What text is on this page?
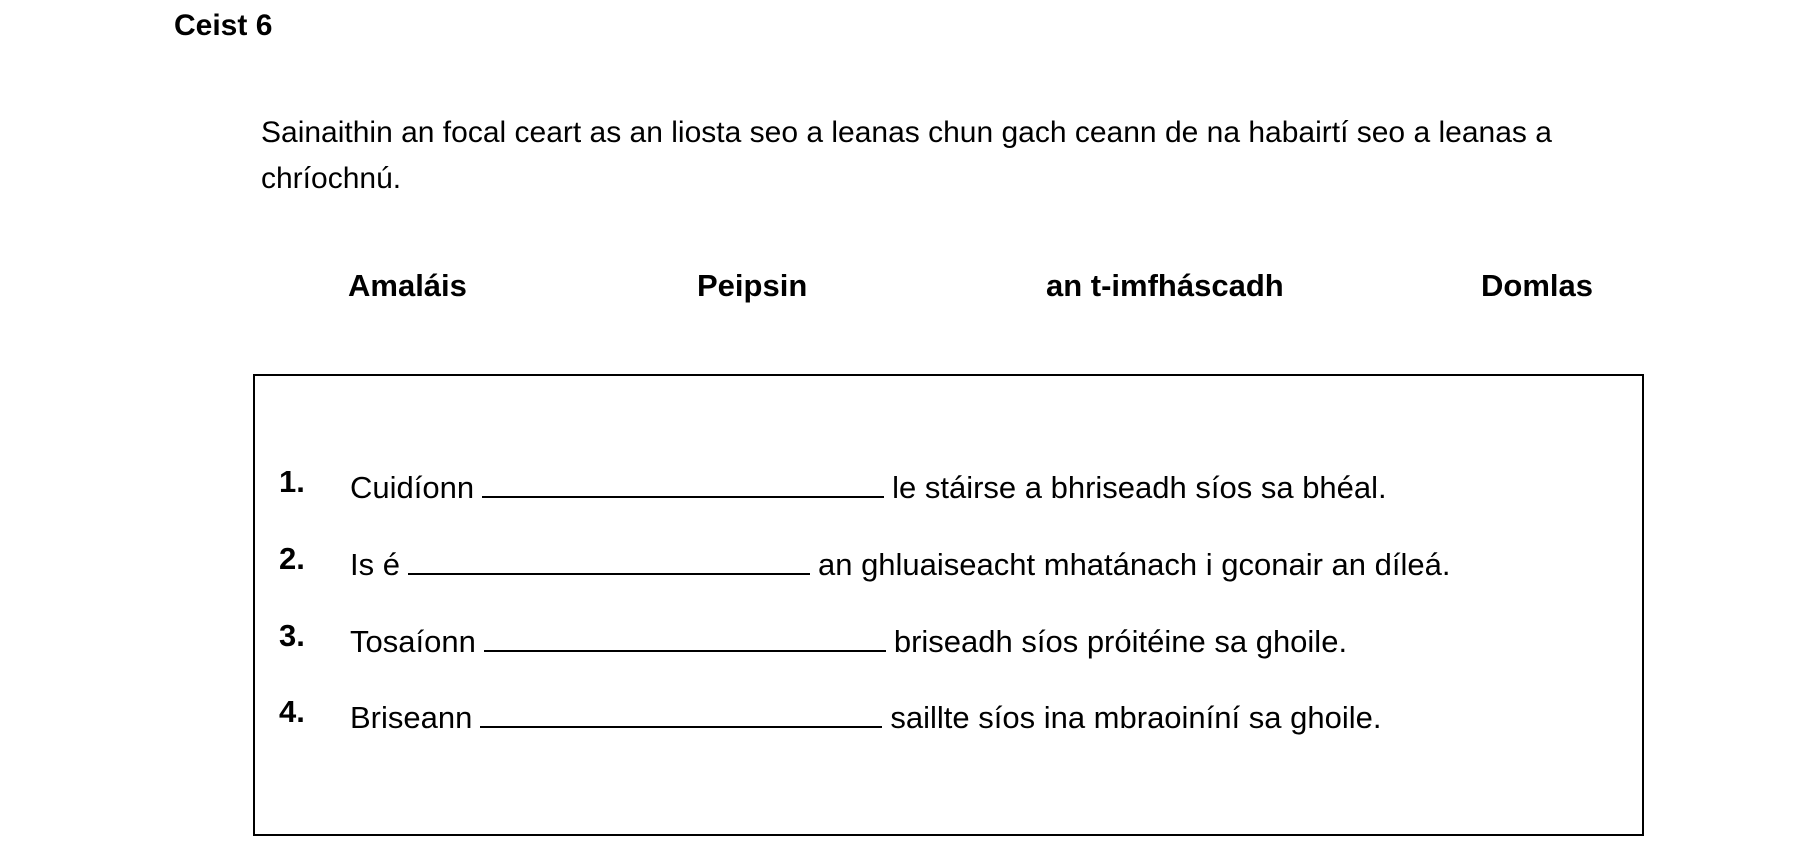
Ceist 6
Sainaithin an focal ceart as an liosta seo a leanas chun gach ceann de na habairtí seo a leanas a chríochnú.
Amaláis	Peipsin	an t-imfháscadh	Domlas
1. Cuidíonn	le stáirse a bhriseadh síos sa bhéal.
2. Is é	an ghluaiseacht mhatánach i gconair an díleá.
3. Tosaíonn	briseadh síos próitéine sa ghoile.
4. Briseann	saillte síos ina mbraoiníní sa ghoile.
